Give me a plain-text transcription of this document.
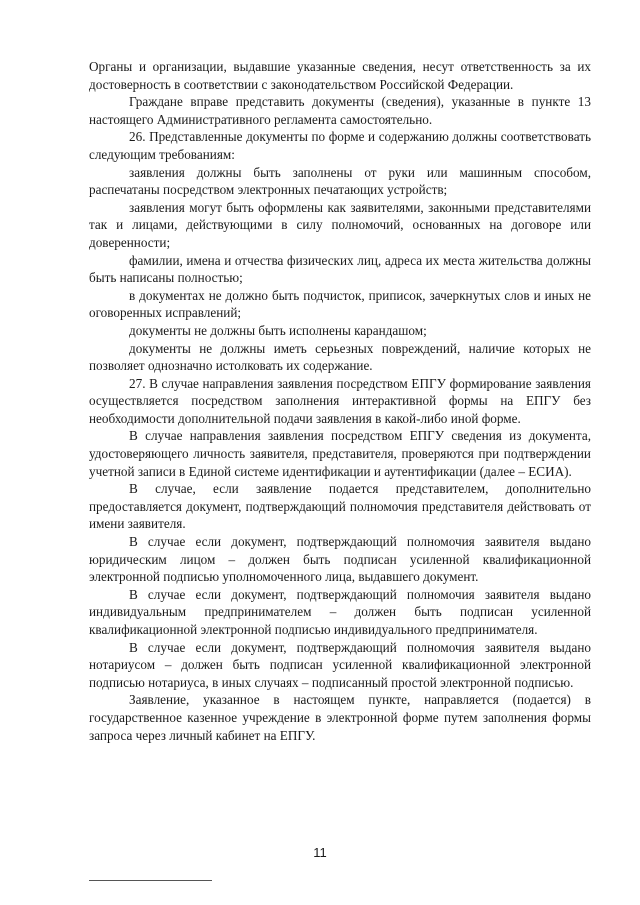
Органы и организации, выдавшие указанные сведения, несут ответственность за их достоверность в соответствии с законодательством Российской Федерации.

Граждане вправе представить документы (сведения), указанные в пункте 13 настоящего Административного регламента самостоятельно.

26. Представленные документы по форме и содержанию должны соответствовать следующим требованиям:

заявления должны быть заполнены от руки или машинным способом, распечатаны посредством электронных печатающих устройств;

заявления могут быть оформлены как заявителями, законными представителями так и лицами, действующими в силу полномочий, основанных на договоре или доверенности;

фамилии, имена и отчества физических лиц, адреса их места жительства должны быть написаны полностью;

в документах не должно быть подчисток, приписок, зачеркнутых слов и иных не оговоренных исправлений;

документы не должны быть исполнены карандашом;

документы не должны иметь серьезных повреждений, наличие которых не позволяет однозначно истолковать их содержание.

27. В случае направления заявления посредством ЕПГУ формирование заявления осуществляется посредством заполнения интерактивной формы на ЕПГУ без необходимости дополнительной подачи заявления в какой-либо иной форме.

В случае направления заявления посредством ЕПГУ сведения из документа, удостоверяющего личность заявителя, представителя, проверяются при подтверждении учетной записи в Единой системе идентификации и аутентификации (далее – ЕСИА).

В случае, если заявление подается представителем, дополнительно предоставляется документ, подтверждающий полномочия представителя действовать от имени заявителя.

В случае если документ, подтверждающий полномочия заявителя выдано юридическим лицом – должен быть подписан усиленной квалификационной электронной подписью уполномоченного лица, выдавшего документ.

В случае если документ, подтверждающий полномочия заявителя выдано индивидуальным предпринимателем – должен быть подписан усиленной квалификационной электронной подписью индивидуального предпринимателя.

В случае если документ, подтверждающий полномочия заявителя выдано нотариусом – должен быть подписан усиленной квалификационной электронной подписью нотариуса, в иных случаях – подписанный простой электронной подписью.

Заявление, указанное в настоящем пункте, направляется (подается) в государственное казенное учреждение в электронной форме путем заполнения формы запроса через личный кабинет на ЕПГУ.

11
